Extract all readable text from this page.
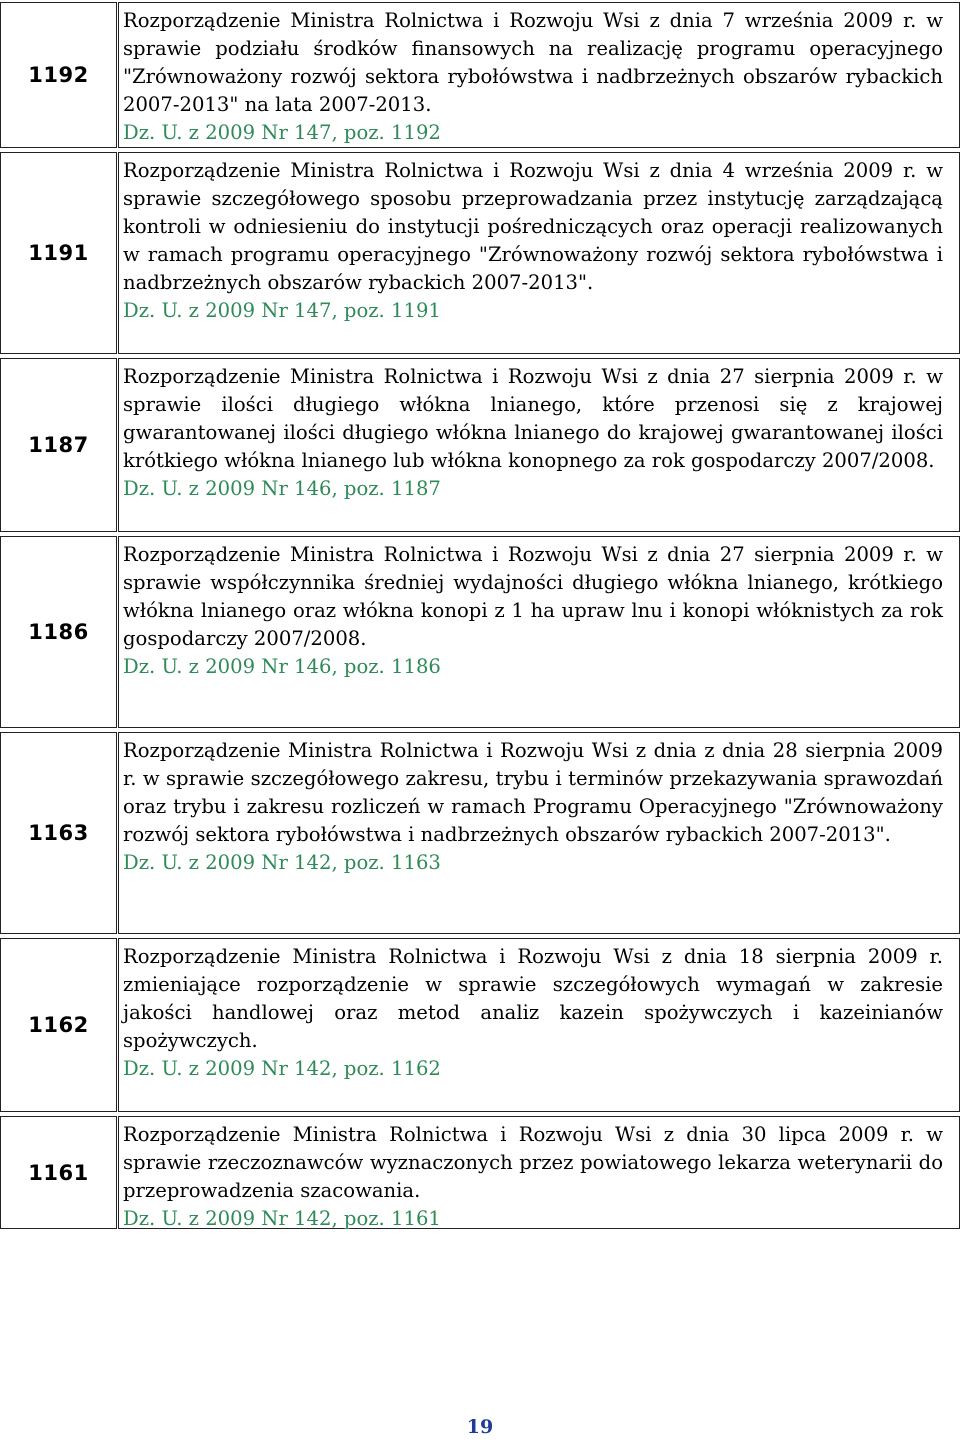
1192

Rozporządzenie Ministra Rolnictwa i Rozwoju Wsi z dnia 7 września 2009 r. w sprawie podziału środków finansowych na realizację programu operacyjnego "Zrównoważony rozwój sektora rybołówstwa i nadbrzeżnych obszarów rybackich 2007-2013" na lata 2007-2013.

Dz. U. z 2009 Nr 147, poz. 1192

1191

Rozporządzenie Ministra Rolnictwa i Rozwoju Wsi z dnia 4 września 2009 r. w sprawie szczegółowego sposobu przeprowadzania przez instytucję zarządzającą kontroli w odniesieniu do instytucji pośredniczących oraz operacji realizowanych w ramach programu operacyjnego "Zrównoważony rozwój sektora rybołówstwa i nadbrzeżnych obszarów rybackich 2007-2013".

Dz. U. z 2009 Nr 147, poz. 1191

1187

Rozporządzenie Ministra Rolnictwa i Rozwoju Wsi z dnia 27 sierpnia 2009 r. w sprawie ilości długiego włókna lnianego, które przenosi się z krajowej gwarantowanej ilości długiego włókna lnianego do krajowej gwarantowanej ilości krótkiego włókna lnianego lub włókna konopnego za rok gospodarczy 2007/2008.

Dz. U. z 2009 Nr 146, poz. 1187

1186

Rozporządzenie Ministra Rolnictwa i Rozwoju Wsi z dnia 27 sierpnia 2009 r. w sprawie współczynnika średniej wydajności długiego włókna lnianego, krótkiego włókna lnianego oraz włókna konopi z 1 ha upraw lnu i konopi włóknistych za rok gospodarczy 2007/2008.

Dz. U. z 2009 Nr 146, poz. 1186

1163

Rozporządzenie Ministra Rolnictwa i Rozwoju Wsi z dnia z dnia 28 sierpnia 2009 r. w sprawie szczegółowego zakresu, trybu i terminów przekazywania sprawozdań oraz trybu i zakresu rozliczeń w ramach Programu Operacyjnego "Zrównoważony rozwój sektora rybołówstwa i nadbrzeżnych obszarów rybackich 2007-2013".

Dz. U. z 2009 Nr 142, poz. 1163

1162

Rozporządzenie Ministra Rolnictwa i Rozwoju Wsi z dnia 18 sierpnia 2009 r. zmieniające rozporządzenie w sprawie szczegółowych wymagań w zakresie jakości handlowej oraz metod analiz kazein spożywczych i kazeinianów spożywczych.

Dz. U. z 2009 Nr 142, poz. 1162

1161

Rozporządzenie Ministra Rolnictwa i Rozwoju Wsi z dnia 30 lipca 2009 r. w sprawie rzeczoznawców wyznaczonych przez powiatowego lekarza weterynarii do przeprowadzenia szacowania.

Dz. U. z 2009 Nr 142, poz. 1161

19
